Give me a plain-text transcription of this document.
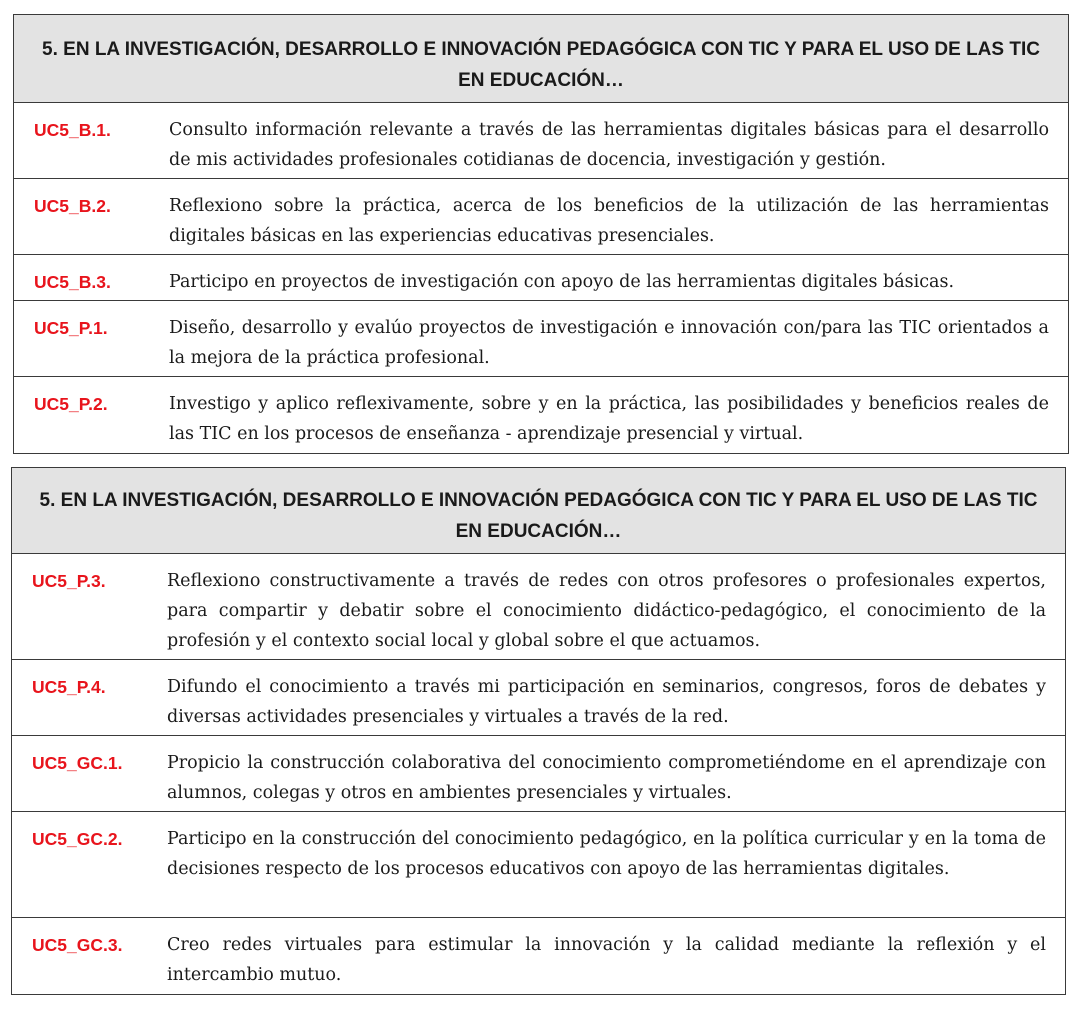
5. EN LA INVESTIGACIÓN, DESARROLLO E INNOVACIÓN PEDAGÓGICA CON TIC Y PARA EL USO DE LAS TIC EN EDUCACIÓN…
UC5_B.1.	Consulto información relevante a través de las herramientas digitales básicas para el desarrollo de mis actividades profesionales cotidianas de docencia, investigación y gestión.
UC5_B.2.	Reflexiono sobre la práctica, acerca de los beneficios de la utilización de las herramientas digitales básicas en las experiencias educativas presenciales.
UC5_B.3.	Participo en proyectos de investigación con apoyo de las herramientas digitales básicas.
UC5_P.1.	Diseño, desarrollo y evalúo proyectos de investigación e innovación con/para las TIC orientados a la mejora de la práctica profesional.
UC5_P.2.	Investigo y aplico reflexivamente, sobre y en la práctica, las posibilidades y beneficios reales de las TIC en los procesos de enseñanza - aprendizaje presencial y virtual.
5. EN LA INVESTIGACIÓN, DESARROLLO E INNOVACIÓN PEDAGÓGICA CON TIC Y PARA EL USO DE LAS TIC EN EDUCACIÓN…
UC5_P.3.	Reflexiono constructivamente a través de redes con otros profesores o profesionales expertos, para compartir y debatir sobre el conocimiento didáctico-pedagógico, el conocimiento de la profesión y el contexto social local y global sobre el que actuamos.
UC5_P.4.	Difundo el conocimiento a través mi participación en seminarios, congresos, foros de debates y diversas actividades presenciales y virtuales a través de la red.
UC5_GC.1.	Propicio la construcción colaborativa del conocimiento comprometiéndome en el aprendizaje con alumnos, colegas y otros en ambientes presenciales y virtuales.
UC5_GC.2.	Participo en la construcción del conocimiento pedagógico, en la política curricular y en la toma de decisiones respecto de los procesos educativos con apoyo de las herramientas digitales.
UC5_GC.3.	Creo redes virtuales para estimular la innovación y la calidad mediante la reflexión y el intercambio mutuo.
